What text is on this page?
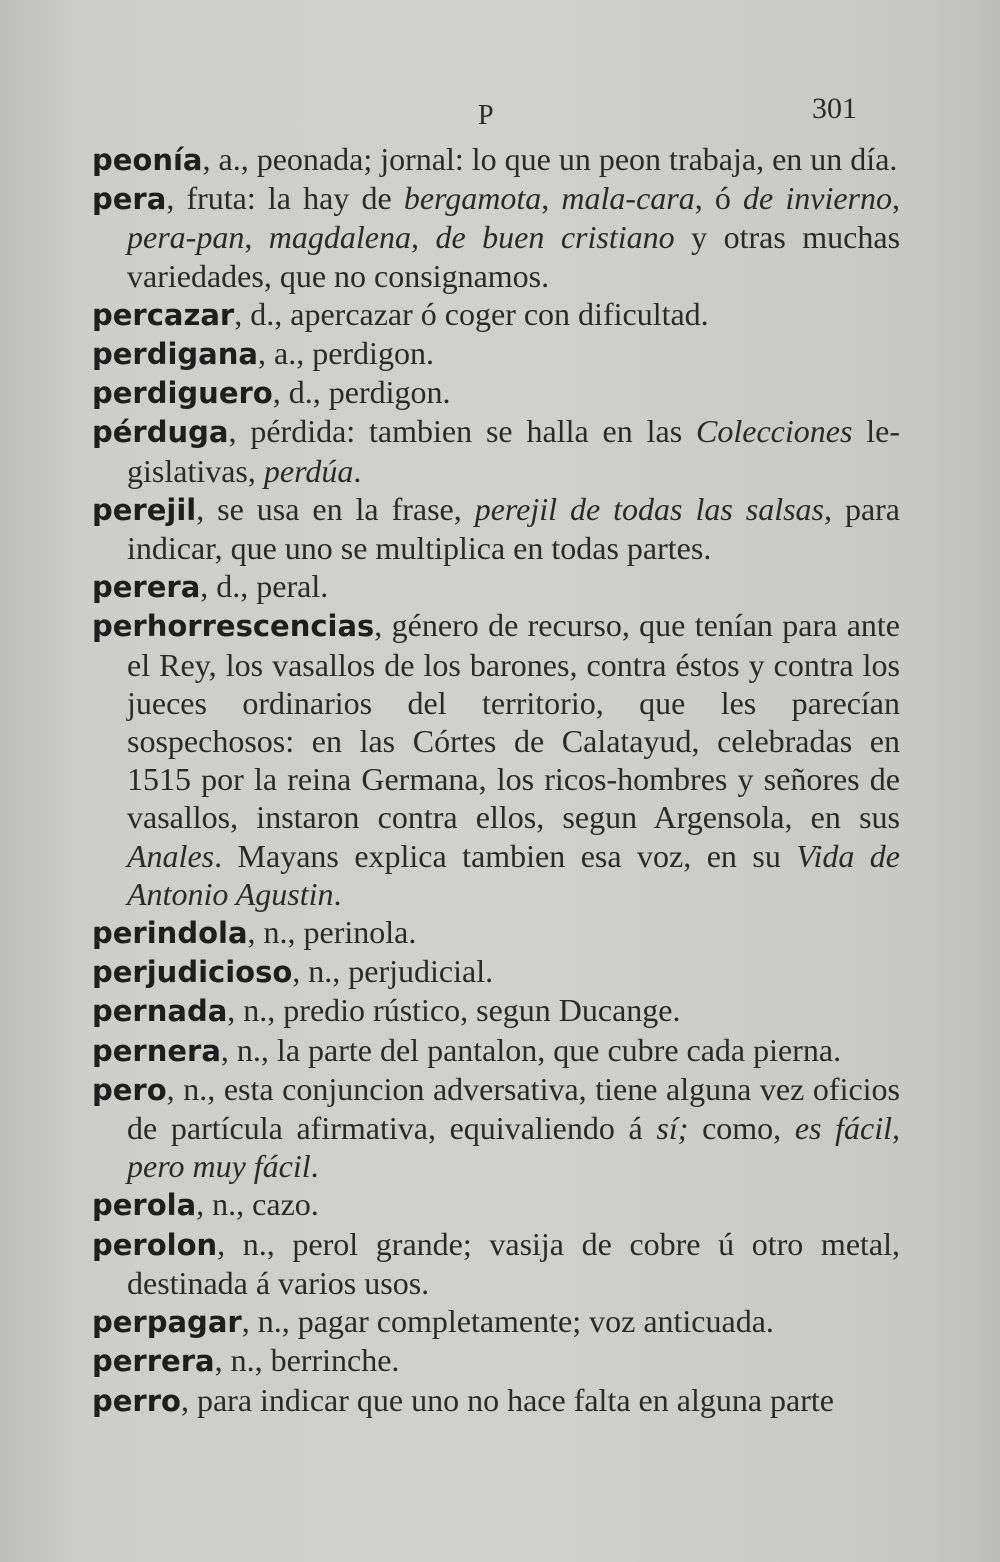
P	301

peonía, a., peonada; jornal: lo que un peon trabaja, en un día.

pera, fruta: la hay de bergamota, mala-cara, ó de invierno, pera-pan, magdalena, de buen cristiano y otras muchas variedades, que no consignamos.

percazar, d., apercazar ó coger con dificultad.

perdigana, a., perdigon.

perdiguero, d., perdigon.

pérduga, pérdida: tambien se halla en las Colecciones legislativas, perdúa.

perejil, se usa en la frase, perejil de todas las salsas, para indicar, que uno se multiplica en todas partes.

perera, d., peral.

perhorrescencias, género de recurso, que tenían para ante el Rey, los vasallos de los barones, contra éstos y contra los jueces ordinarios del territorio, que les parecían sospechosos: en las Córtes de Calatayud, celebradas en 1515 por la reina Germana, los ricos-hombres y señores de vasallos, instaron contra ellos, segun Argensola, en sus Anales. Mayans explica tambien esa voz, en su Vida de Antonio Agustin.

perindola, n., perinola.

perjudicioso, n., perjudicial.

pernada, n., predio rústico, segun Ducange.

pernera, n., la parte del pantalon, que cubre cada pierna.

pero, n., esta conjuncion adversativa, tiene alguna vez oficios de partícula afirmativa, equivaliendo á sí; como, es fácil, pero muy fácil.

perola, n., cazo.

perolon, n., perol grande; vasija de cobre ú otro metal, destinada á varios usos.

perpagar, n., pagar completamente; voz anticuada.

perrera, n., berrinche.

perro, para indicar que uno no hace falta en alguna parte
